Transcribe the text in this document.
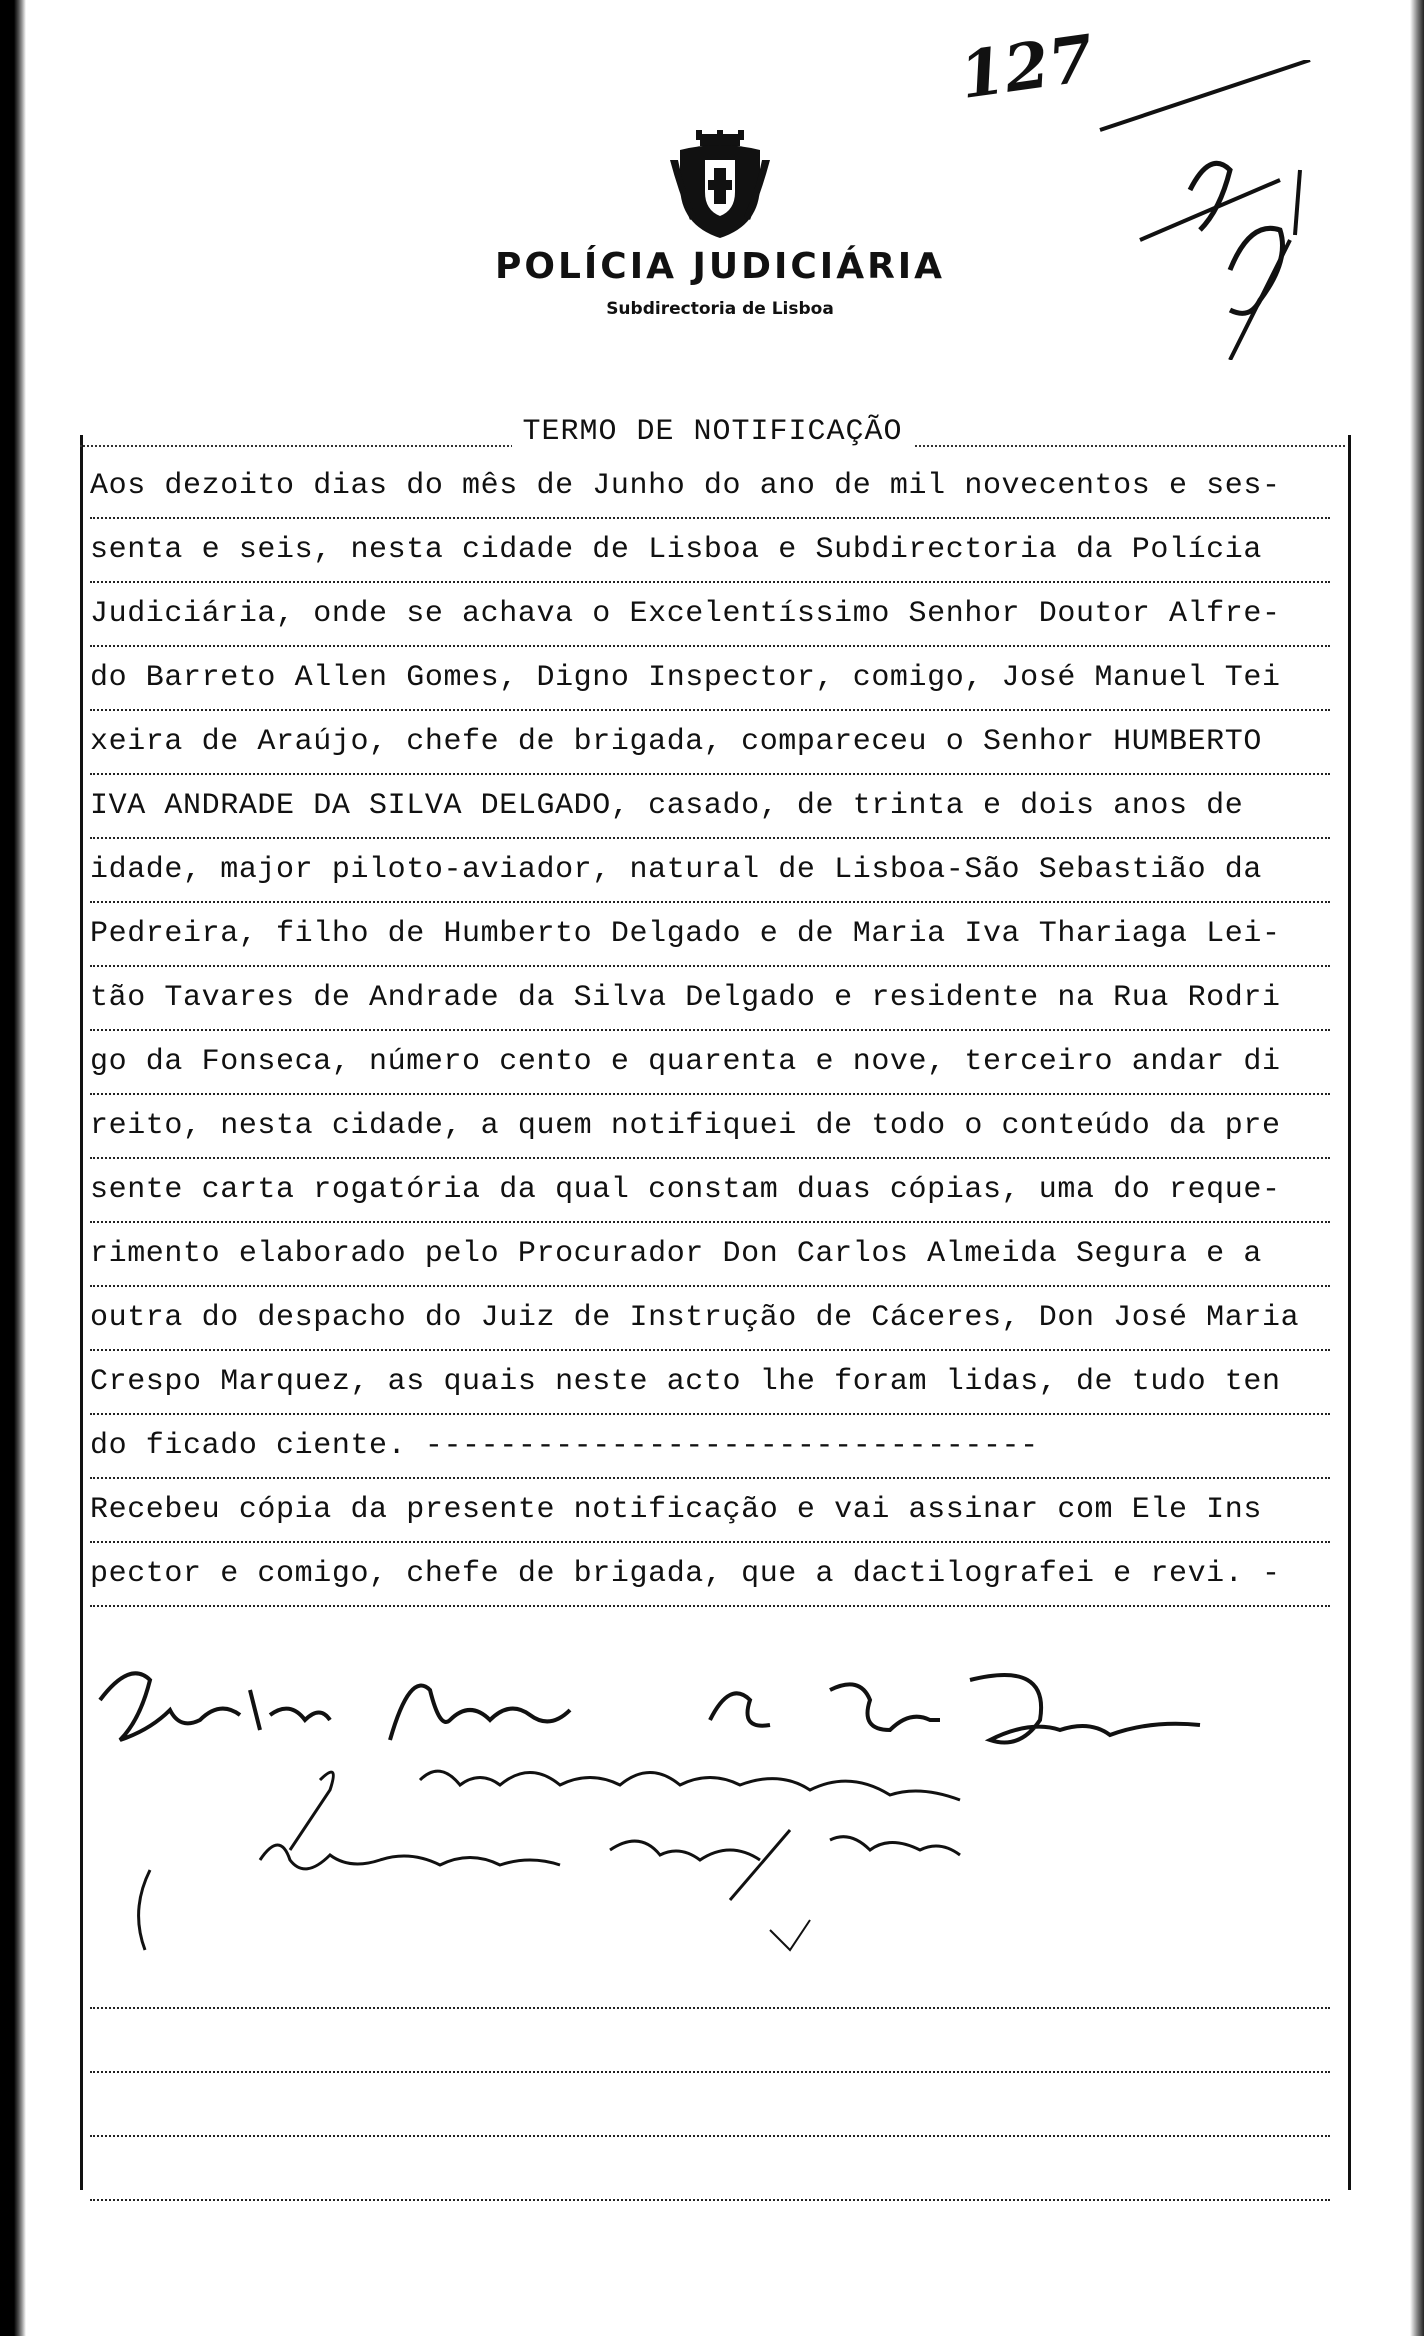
POLÍCIA JUDICIÁRIA
Subdirectoria de Lisboa
127
TERMO DE NOTIFICAÇÃO
Aos dezoito dias do mês de Junho do ano de mil novecentos e ses-
senta e seis, nesta cidade de Lisboa e Subdirectoria da Polícia
Judiciária, onde se achava o Excelentíssimo Senhor Doutor Alfre-
do Barreto Allen Gomes, Digno Inspector, comigo, José Manuel Tei
xeira de Araújo, chefe de brigada, compareceu o Senhor HUMBERTO
IVA ANDRADE DA SILVA DELGADO, casado, de trinta e dois anos de
idade, major piloto-aviador, natural de Lisboa-São Sebastião da
Pedreira, filho de Humberto Delgado e de Maria Iva Thariaga Lei-
tão Tavares de Andrade da Silva Delgado e residente na Rua Rodri
go da Fonseca, número cento e quarenta e nove, terceiro andar di
reito, nesta cidade, a quem notifiquei de todo o conteúdo da pre
sente carta rogatória da qual constam duas cópias, uma do reque-
rimento elaborado pelo Procurador Don Carlos Almeida Segura e a
outra do despacho do Juiz de Instrução de Cáceres, Don José Maria
Crespo Marquez, as quais neste acto lhe foram lidas, de tudo ten
do ficado ciente. ---------------------------------
Recebeu cópia da presente notificação e vai assinar com Ele Ins
pector e comigo, chefe de brigada, que a dactilografei e revi. -
